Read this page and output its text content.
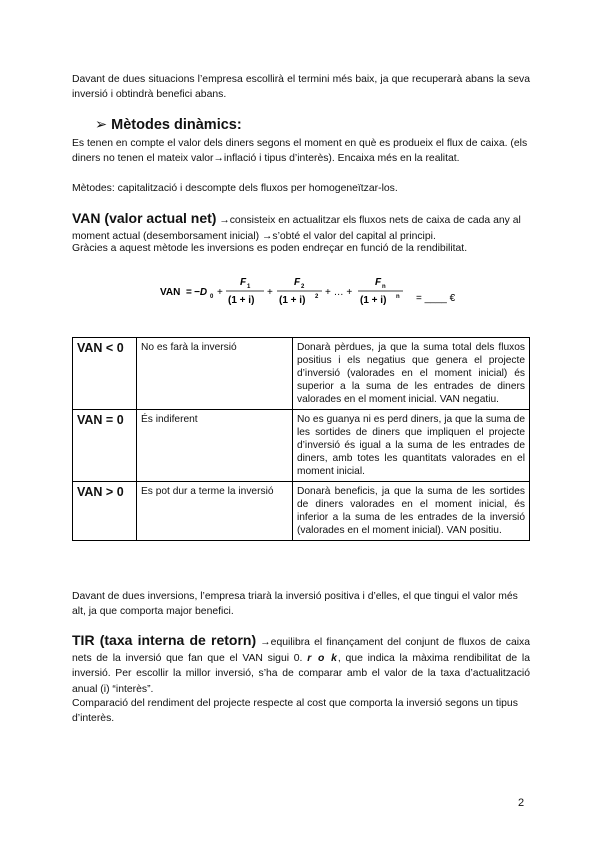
Davant de dues situacions l’empresa escollirà el termini més baix, ja que recuperarà abans la seva inversió i obtindrà benefici abans.

➢ Mètodes dinàmics:

Es tenen en compte el valor dels diners segons el moment en què es produeix el flux de caixa. (els diners no tenen el mateix valor→inflació i tipus d’interès). Encaixa més en la realitat.

Mètodes: capitalització i descompte dels fluxos per homogeneïtzar-los.

VAN (valor actual net) →consisteix en actualitzar els fluxos nets de caixa de cada any al moment actual (desemborsament inicial) →s’obté el valor del capital al principi.

Gràcies a aquest mètode les inversions es poden endreçar en funció de la rendibilitat.

VAN = −D 0 +
F 1
(1 + i)
+
F 2
(1 + i) 2 + … +
F n
(1 + i) n = ____ €
VAN < 0	No es farà la inversió	Donarà pèrdues, ja que la suma total dels fluxos positius i els negatius que genera el projecte d’inversió (valorades en el moment inicial) és superior a la suma de les entrades de diners valorades en el moment inicial. VAN negatiu.
VAN = 0	És indiferent	No es guanya ni es perd diners, ja que la suma de les sortides de diners que impliquen el projecte d’inversió és igual a la suma de les entrades de diners, amb totes les quantitats valorades en el moment inicial.
VAN > 0	Es pot dur a terme la inversió	Donarà beneficis, ja que la suma de les sortides de diners valorades en el moment inicial, és inferior a la suma de les entrades de la inversió (valorades en el moment inicial). VAN positiu.

Davant de dues inversions, l’empresa triarà la inversió positiva i d’elles, el que tingui el valor més alt, ja que comporta major benefici.

TIR (taxa interna de retorn) →equilibra el finançament del conjunt de fluxos de caixa nets de la inversió que fan que el VAN sigui 0. r o k, que indica la màxima rendibilitat de la inversió. Per escollir la millor inversió, s’ha de comparar amb el valor de la taxa d’actualització anual (i) “interès”.

Comparació del rendiment del projecte respecte al cost que comporta la inversió segons un tipus d’interès.

2
